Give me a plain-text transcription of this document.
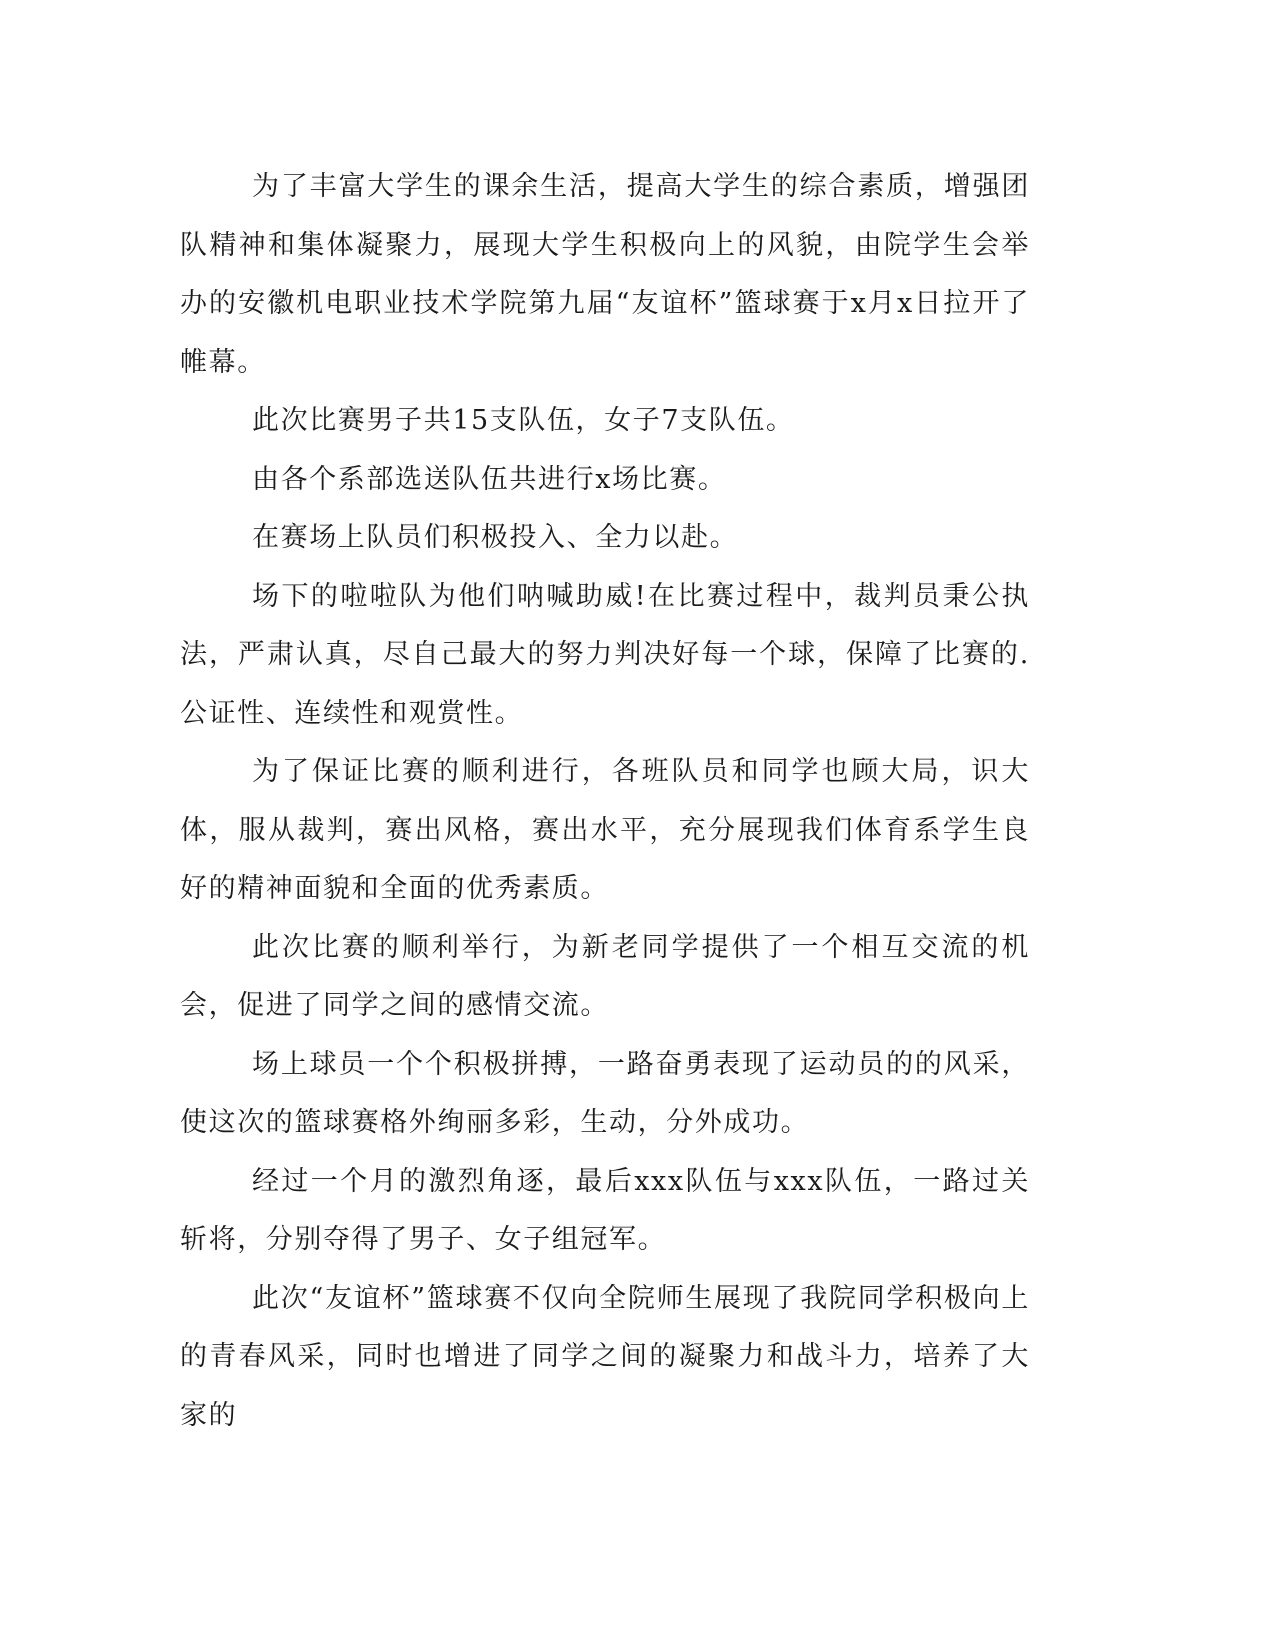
为了丰富大学生的课余生活，提高大学生的综合素质，增强团队精神和集体凝聚力，展现大学生积极向上的风貌，由院学生会举办的安徽机电职业技术学院第九届“友谊杯”篮球赛于x月x日拉开了帷幕。

此次比赛男子共15支队伍，女子7支队伍。

由各个系部选送队伍共进行x场比赛。

在赛场上队员们积极投入、全力以赴。

场下的啦啦队为他们呐喊助威!在比赛过程中，裁判员秉公执法，严肃认真，尽自己最大的努力判决好每一个球，保障了比赛的.公证性、连续性和观赏性。

为了保证比赛的顺利进行，各班队员和同学也顾大局，识大体，服从裁判，赛出风格，赛出水平，充分展现我们体育系学生良好的精神面貌和全面的优秀素质。

此次比赛的顺利举行，为新老同学提供了一个相互交流的机会，促进了同学之间的感情交流。

场上球员一个个积极拼搏，一路奋勇表现了运动员的的风采，使这次的篮球赛格外绚丽多彩，生动，分外成功。

经过一个月的激烈角逐，最后xxx队伍与xxx队伍，一路过关斩将，分别夺得了男子、女子组冠军。

此次“友谊杯”篮球赛不仅向全院师生展现了我院同学积极向上的青春风采，同时也增进了同学之间的凝聚力和战斗力，培养了大家的
